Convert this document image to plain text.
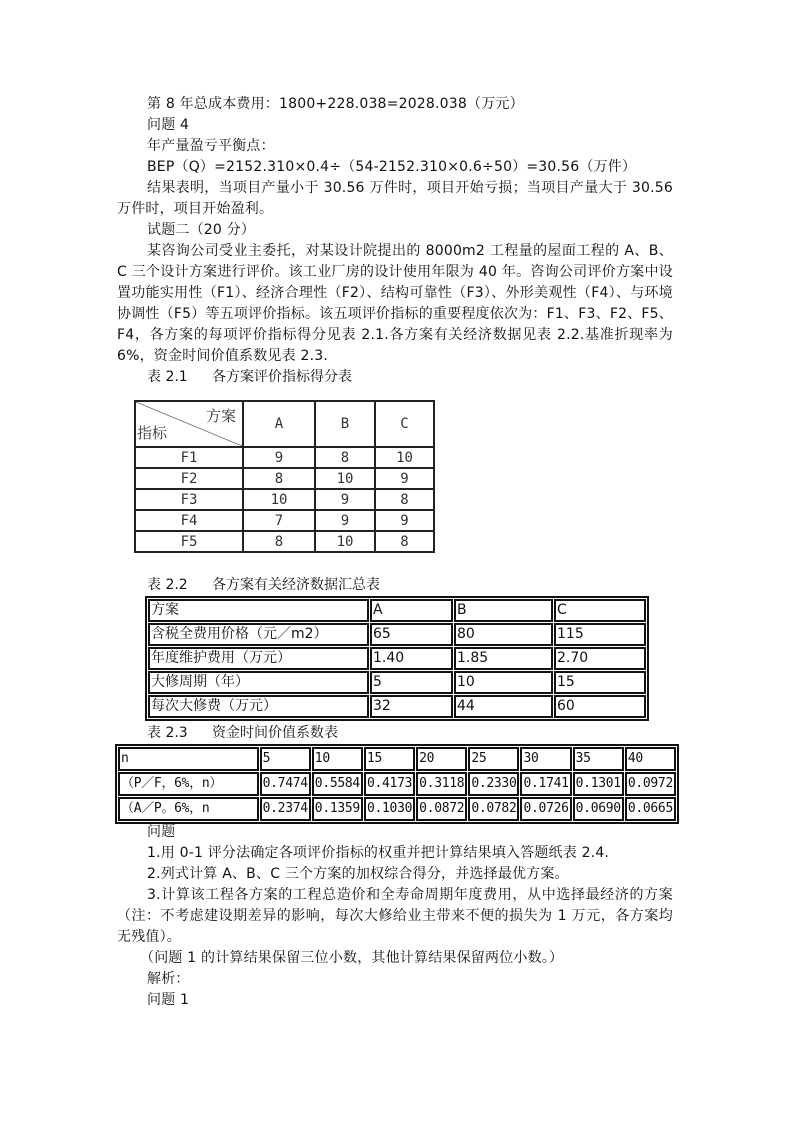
第 8 年总成本费用：1800+228.038=2028.038（万元）
问题 4
年产量盈亏平衡点：
BEP（Q）=2152.310×0.4÷（54-2152.310×0.6÷50）=30.56（万件）
结果表明，当项目产量小于 30.56 万件时，项目开始亏损；当项目产量大于 30.56 万件时，项目开始盈利。
试题二（20 分）
某咨询公司受业主委托，对某设计院提出的 8000m2 工程量的屋面工程的 A、B、C 三个设计方案进行评价。该工业厂房的设计使用年限为 40 年。咨询公司评价方案中设置功能实用性（F1）、经济合理性（F2）、结构可靠性（F3）、外形美观性（F4）、与环境协调性（F5）等五项评价指标。该五项评价指标的重要程度依次为：F1、F3、F2、F5、F4，各方案的每项评价指标得分见表 2.1.各方案有关经济数据见表 2.2.基准折现率为 6%，资金时间价值系数见表 2.3.
表 2.1 各方案评价指标得分表
方案
指标	A	B	C
F1	9	8	10
F2	8	10	9
F3	10	9	8
F4	7	9	9
F5	8	10	8
表 2.2 各方案有关经济数据汇总表
方案	A	B	C
含税全费用价格（元／m2）	65	80	115
年度维护费用（万元）	1.40	1.85	2.70
大修周期（年）	5	10	15
每次大修费（万元）	32	44	60
表 2.3 资金时间价值系数表
n	5	10	15	20	25	30	35	40
（P／F，6%，n）	0.7474	0.5584	0.4173	0.3118	0.2330	0.1741	0.1301	0.0972
（A／P。6%，n	0.2374	0.1359	0.1030	0.0872	0.0782	0.0726	0.0690	0.0665
问题
1.用 0-1 评分法确定各项评价指标的权重并把计算结果填入答题纸表 2.4.
2.列式计算 A、B、C 三个方案的加权综合得分，并选择最优方案。
3.计算该工程各方案的工程总造价和全寿命周期年度费用，从中选择最经济的方案（注：不考虑建设期差异的影响，每次大修给业主带来不便的损失为 1 万元，各方案均无残值）。
（问题 1 的计算结果保留三位小数，其他计算结果保留两位小数。）
解析：
问题 1
